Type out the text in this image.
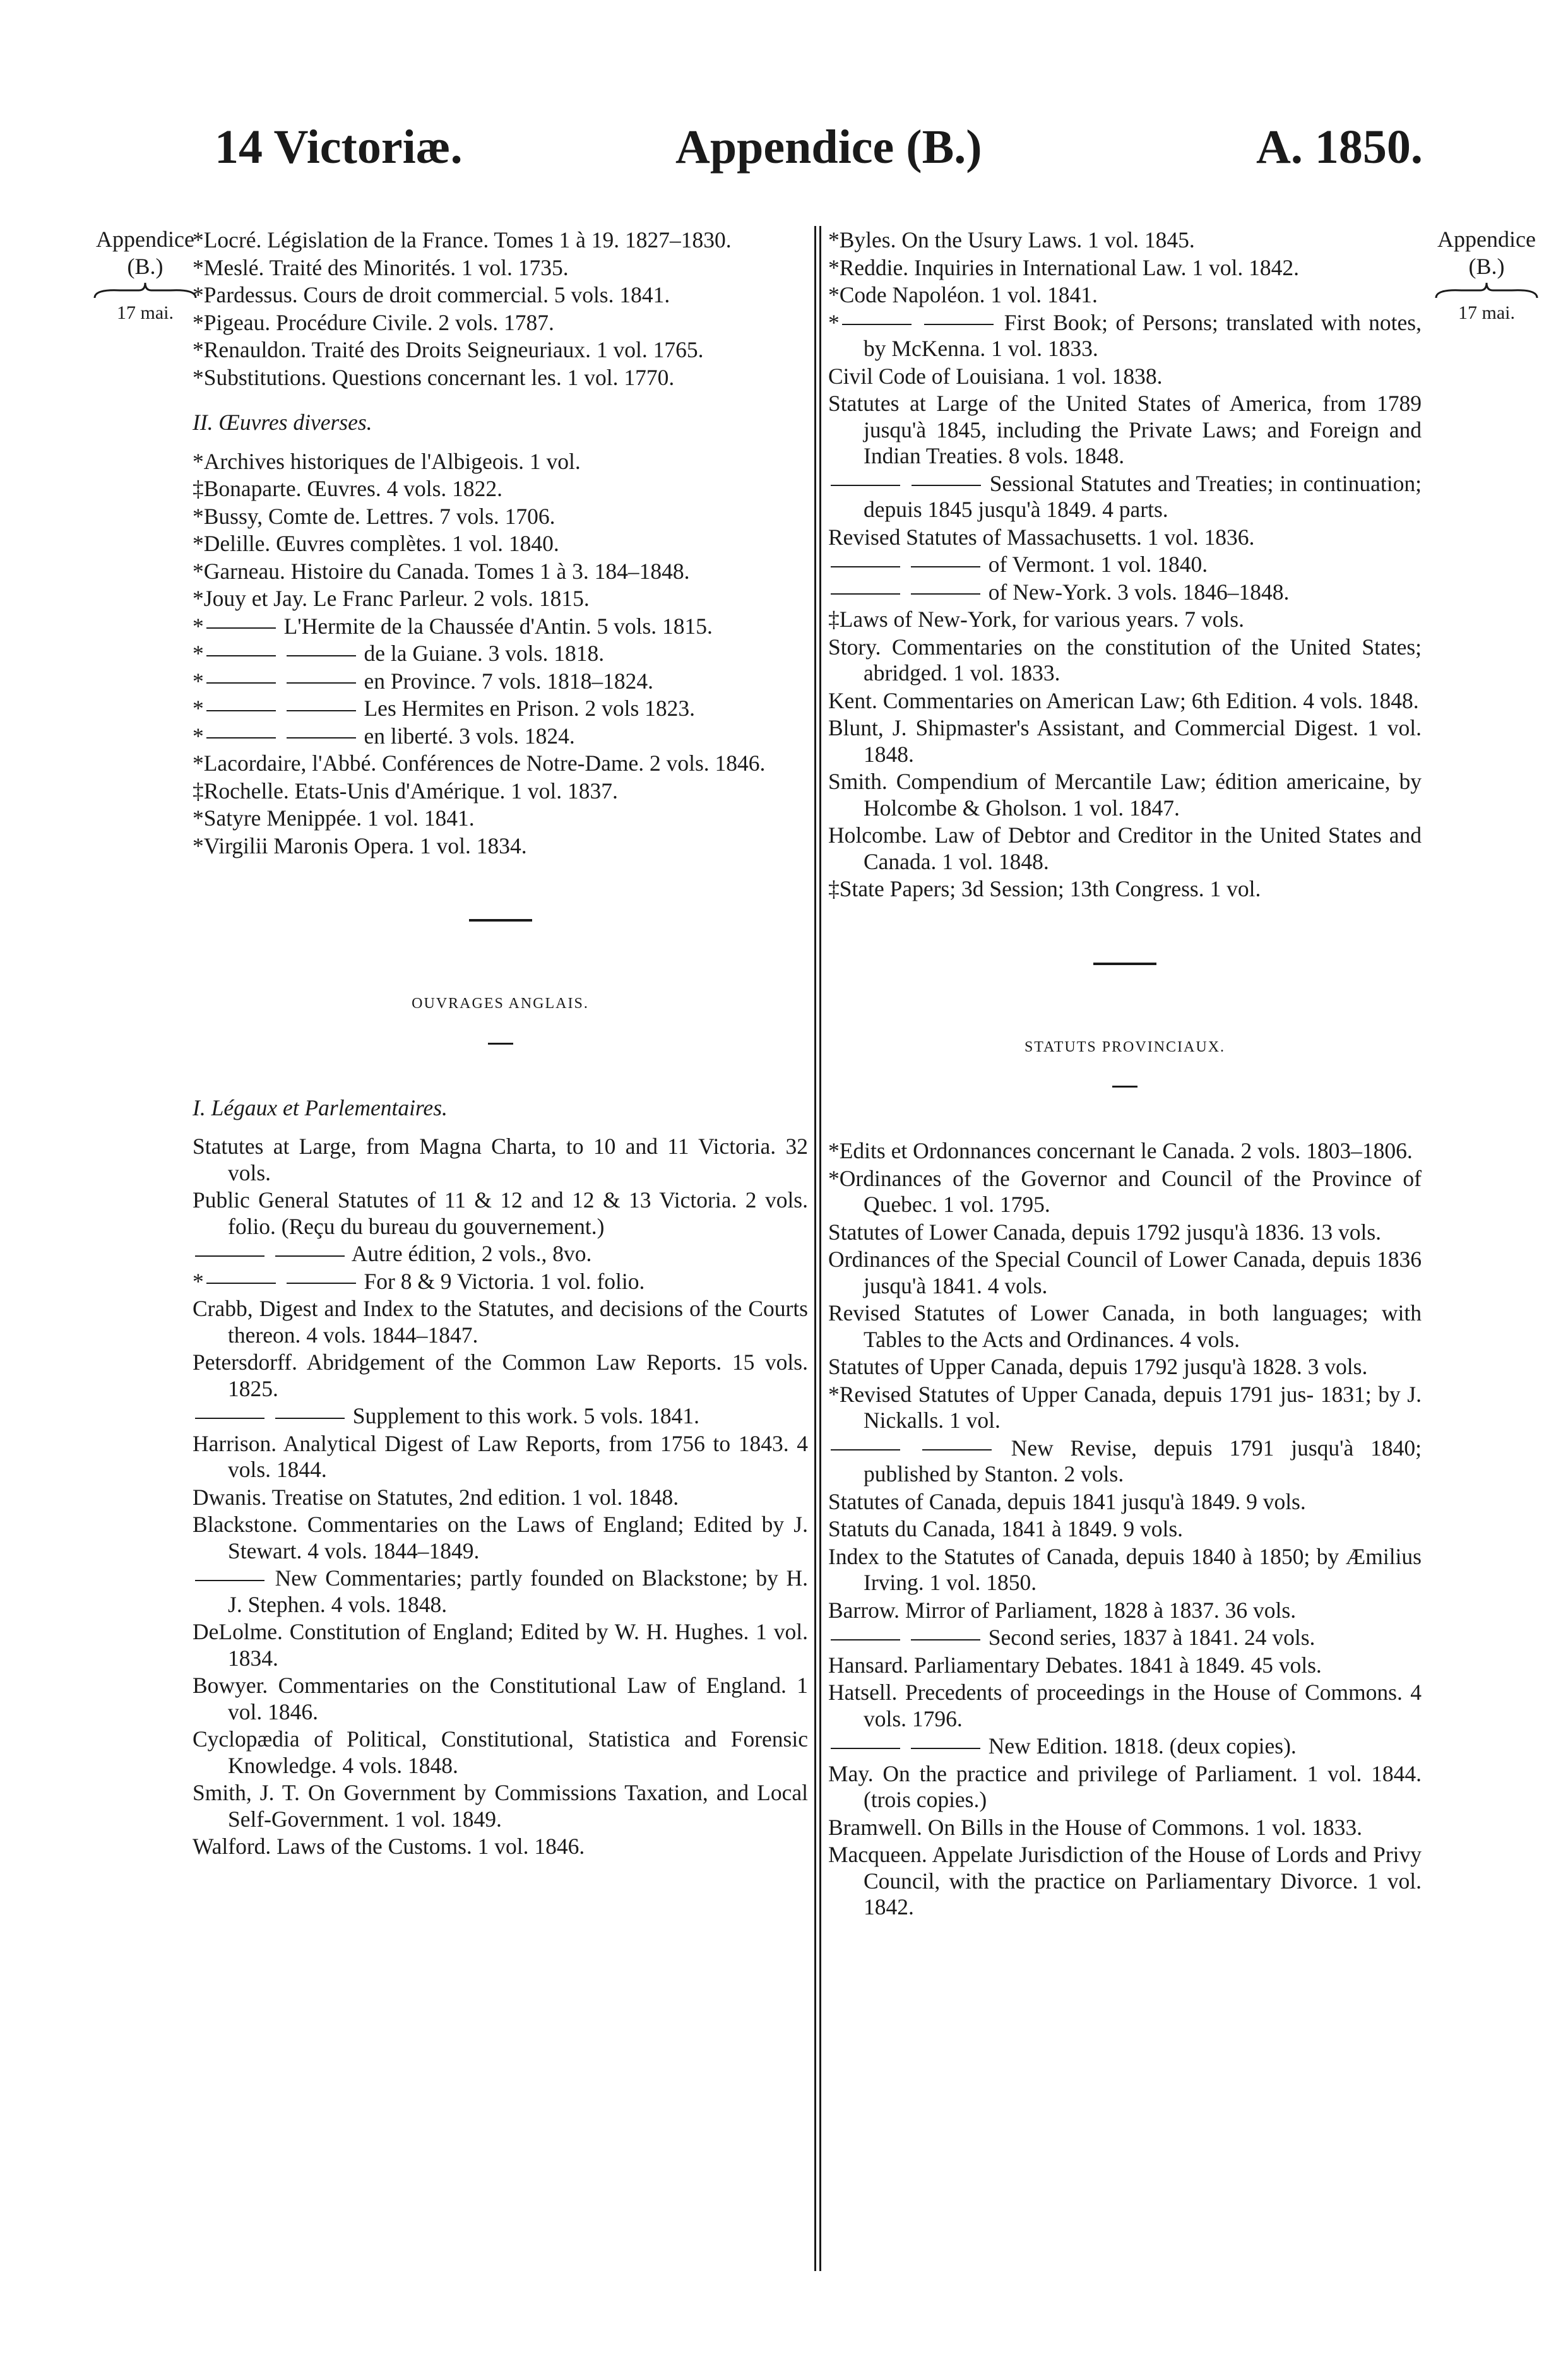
14 Victoriæ.	Appendice (B.)	A. 1850.
Appendice
(B.)
17 mai.
Appendice
(B.)
17 mai.

*Locré. Législation de la France. Tomes 1 à 19. 1827–1830.

*Meslé. Traité des Minorités. 1 vol. 1735.

*Pardessus. Cours de droit commercial. 5 vols. 1841.

*Pigeau. Procédure Civile. 2 vols. 1787.

*Renauldon. Traité des Droits Seigneuriaux. 1 vol. 1765.

*Substitutions. Questions concernant les. 1 vol. 1770.

II. Œuvres diverses.

*Archives historiques de l'Albigeois. 1 vol.

‡Bonaparte. Œuvres. 4 vols. 1822.

*Bussy, Comte de. Lettres. 7 vols. 1706.

*Delille. Œuvres complètes. 1 vol. 1840.

*Garneau. Histoire du Canada. Tomes 1 à 3. 184–1848.

*Jouy et Jay. Le Franc Parleur. 2 vols. 1815.

*	L'Hermite de la Chaussée d'Antin. 5 vols. 1815.

*	de la Guiane. 3 vols. 1818.

*	en Province. 7 vols. 1818–1824.

*	Les Hermites en Prison. 2 vols 1823.

*	en liberté. 3 vols. 1824.

*Lacordaire, l'Abbé. Conférences de Notre-Dame. 2 vols. 1846.

‡Rochelle. Etats-Unis d'Amérique. 1 vol. 1837.

*Satyre Menippée. 1 vol. 1841.

*Virgilii Maronis Opera. 1 vol. 1834.

OUVRAGES ANGLAIS.

I. Légaux et Parlementaires.

Statutes at Large, from Magna Charta, to 10 and 11 Victoria. 32 vols.

Public General Statutes of 11 & 12 and 12 & 13 Victoria. 2 vols. folio. (Reçu du bureau du gouvernement.)

Autre édition, 2 vols., 8vo.

*	For 8 & 9 Victoria. 1 vol. folio.

Crabb, Digest and Index to the Statutes, and decisions of the Courts thereon. 4 vols. 1844–1847.

Petersdorff. Abridgement of the Common Law Reports. 15 vols. 1825.

Supplement to this work. 5 vols. 1841.

Harrison. Analytical Digest of Law Reports, from 1756 to 1843. 4 vols. 1844.

Dwanis. Treatise on Statutes, 2nd edition. 1 vol. 1848.

Blackstone. Commentaries on the Laws of England; Edited by J. Stewart. 4 vols. 1844–1849.

New Commentaries; partly founded on Blackstone; by H. J. Stephen. 4 vols. 1848.

DeLolme. Constitution of England; Edited by W. H. Hughes. 1 vol. 1834.

Bowyer. Commentaries on the Constitutional Law of England. 1 vol. 1846.

Cyclopædia of Political, Constitutional, Statistica and Forensic Knowledge. 4 vols. 1848.

Smith, J. T. On Government by Commissions Taxation, and Local Self-Government. 1 vol. 1849.

Walford. Laws of the Customs. 1 vol. 1846.

*Byles. On the Usury Laws. 1 vol. 1845.

*Reddie. Inquiries in International Law. 1 vol. 1842.

*Code Napoléon. 1 vol. 1841.

*	First Book; of Persons; translated with notes, by McKenna. 1 vol. 1833.

Civil Code of Louisiana. 1 vol. 1838.

Statutes at Large of the United States of America, from 1789 jusqu'à 1845, including the Private Laws; and Foreign and Indian Treaties. 8 vols. 1848.

Sessional Statutes and Treaties; in continuation; depuis 1845 jusqu'à 1849. 4 parts.

Revised Statutes of Massachusetts. 1 vol. 1836.

of Vermont. 1 vol. 1840.

of New-York. 3 vols. 1846–1848.

‡Laws of New-York, for various years. 7 vols.

Story. Commentaries on the constitution of the United States; abridged. 1 vol. 1833.

Kent. Commentaries on American Law; 6th Edition. 4 vols. 1848.

Blunt, J. Shipmaster's Assistant, and Commercial Digest. 1 vol. 1848.

Smith. Compendium of Mercantile Law; édition americaine, by Holcombe & Gholson. 1 vol. 1847.

Holcombe. Law of Debtor and Creditor in the United States and Canada. 1 vol. 1848.

‡State Papers; 3d Session; 13th Congress. 1 vol.

STATUTS PROVINCIAUX.

*Edits et Ordonnances concernant le Canada. 2 vols. 1803–1806.

*Ordinances of the Governor and Council of the Province of Quebec. 1 vol. 1795.

Statutes of Lower Canada, depuis 1792 jusqu'à 1836. 13 vols.

Ordinances of the Special Council of Lower Canada, depuis 1836 jusqu'à 1841. 4 vols.

Revised Statutes of Lower Canada, in both languages; with Tables to the Acts and Ordinances. 4 vols.

Statutes of Upper Canada, depuis 1792 jusqu'à 1828. 3 vols.

*Revised Statutes of Upper Canada, depuis 1791 jus- 1831; by J. Nickalls. 1 vol.

New Revise, depuis 1791 jusqu'à 1840; published by Stanton. 2 vols.

Statutes of Canada, depuis 1841 jusqu'à 1849. 9 vols.

Statuts du Canada, 1841 à 1849. 9 vols.

Index to the Statutes of Canada, depuis 1840 à 1850; by Æmilius Irving. 1 vol. 1850.

Barrow. Mirror of Parliament, 1828 à 1837. 36 vols.

Second series, 1837 à 1841. 24 vols.

Hansard. Parliamentary Debates. 1841 à 1849. 45 vols.

Hatsell. Precedents of proceedings in the House of Commons. 4 vols. 1796.

New Edition. 1818. (deux copies).

May. On the practice and privilege of Parliament. 1 vol. 1844. (trois copies.)

Bramwell. On Bills in the House of Commons. 1 vol. 1833.

Macqueen. Appelate Jurisdiction of the House of Lords and Privy Council, with the practice on Parliamentary Divorce. 1 vol. 1842.
